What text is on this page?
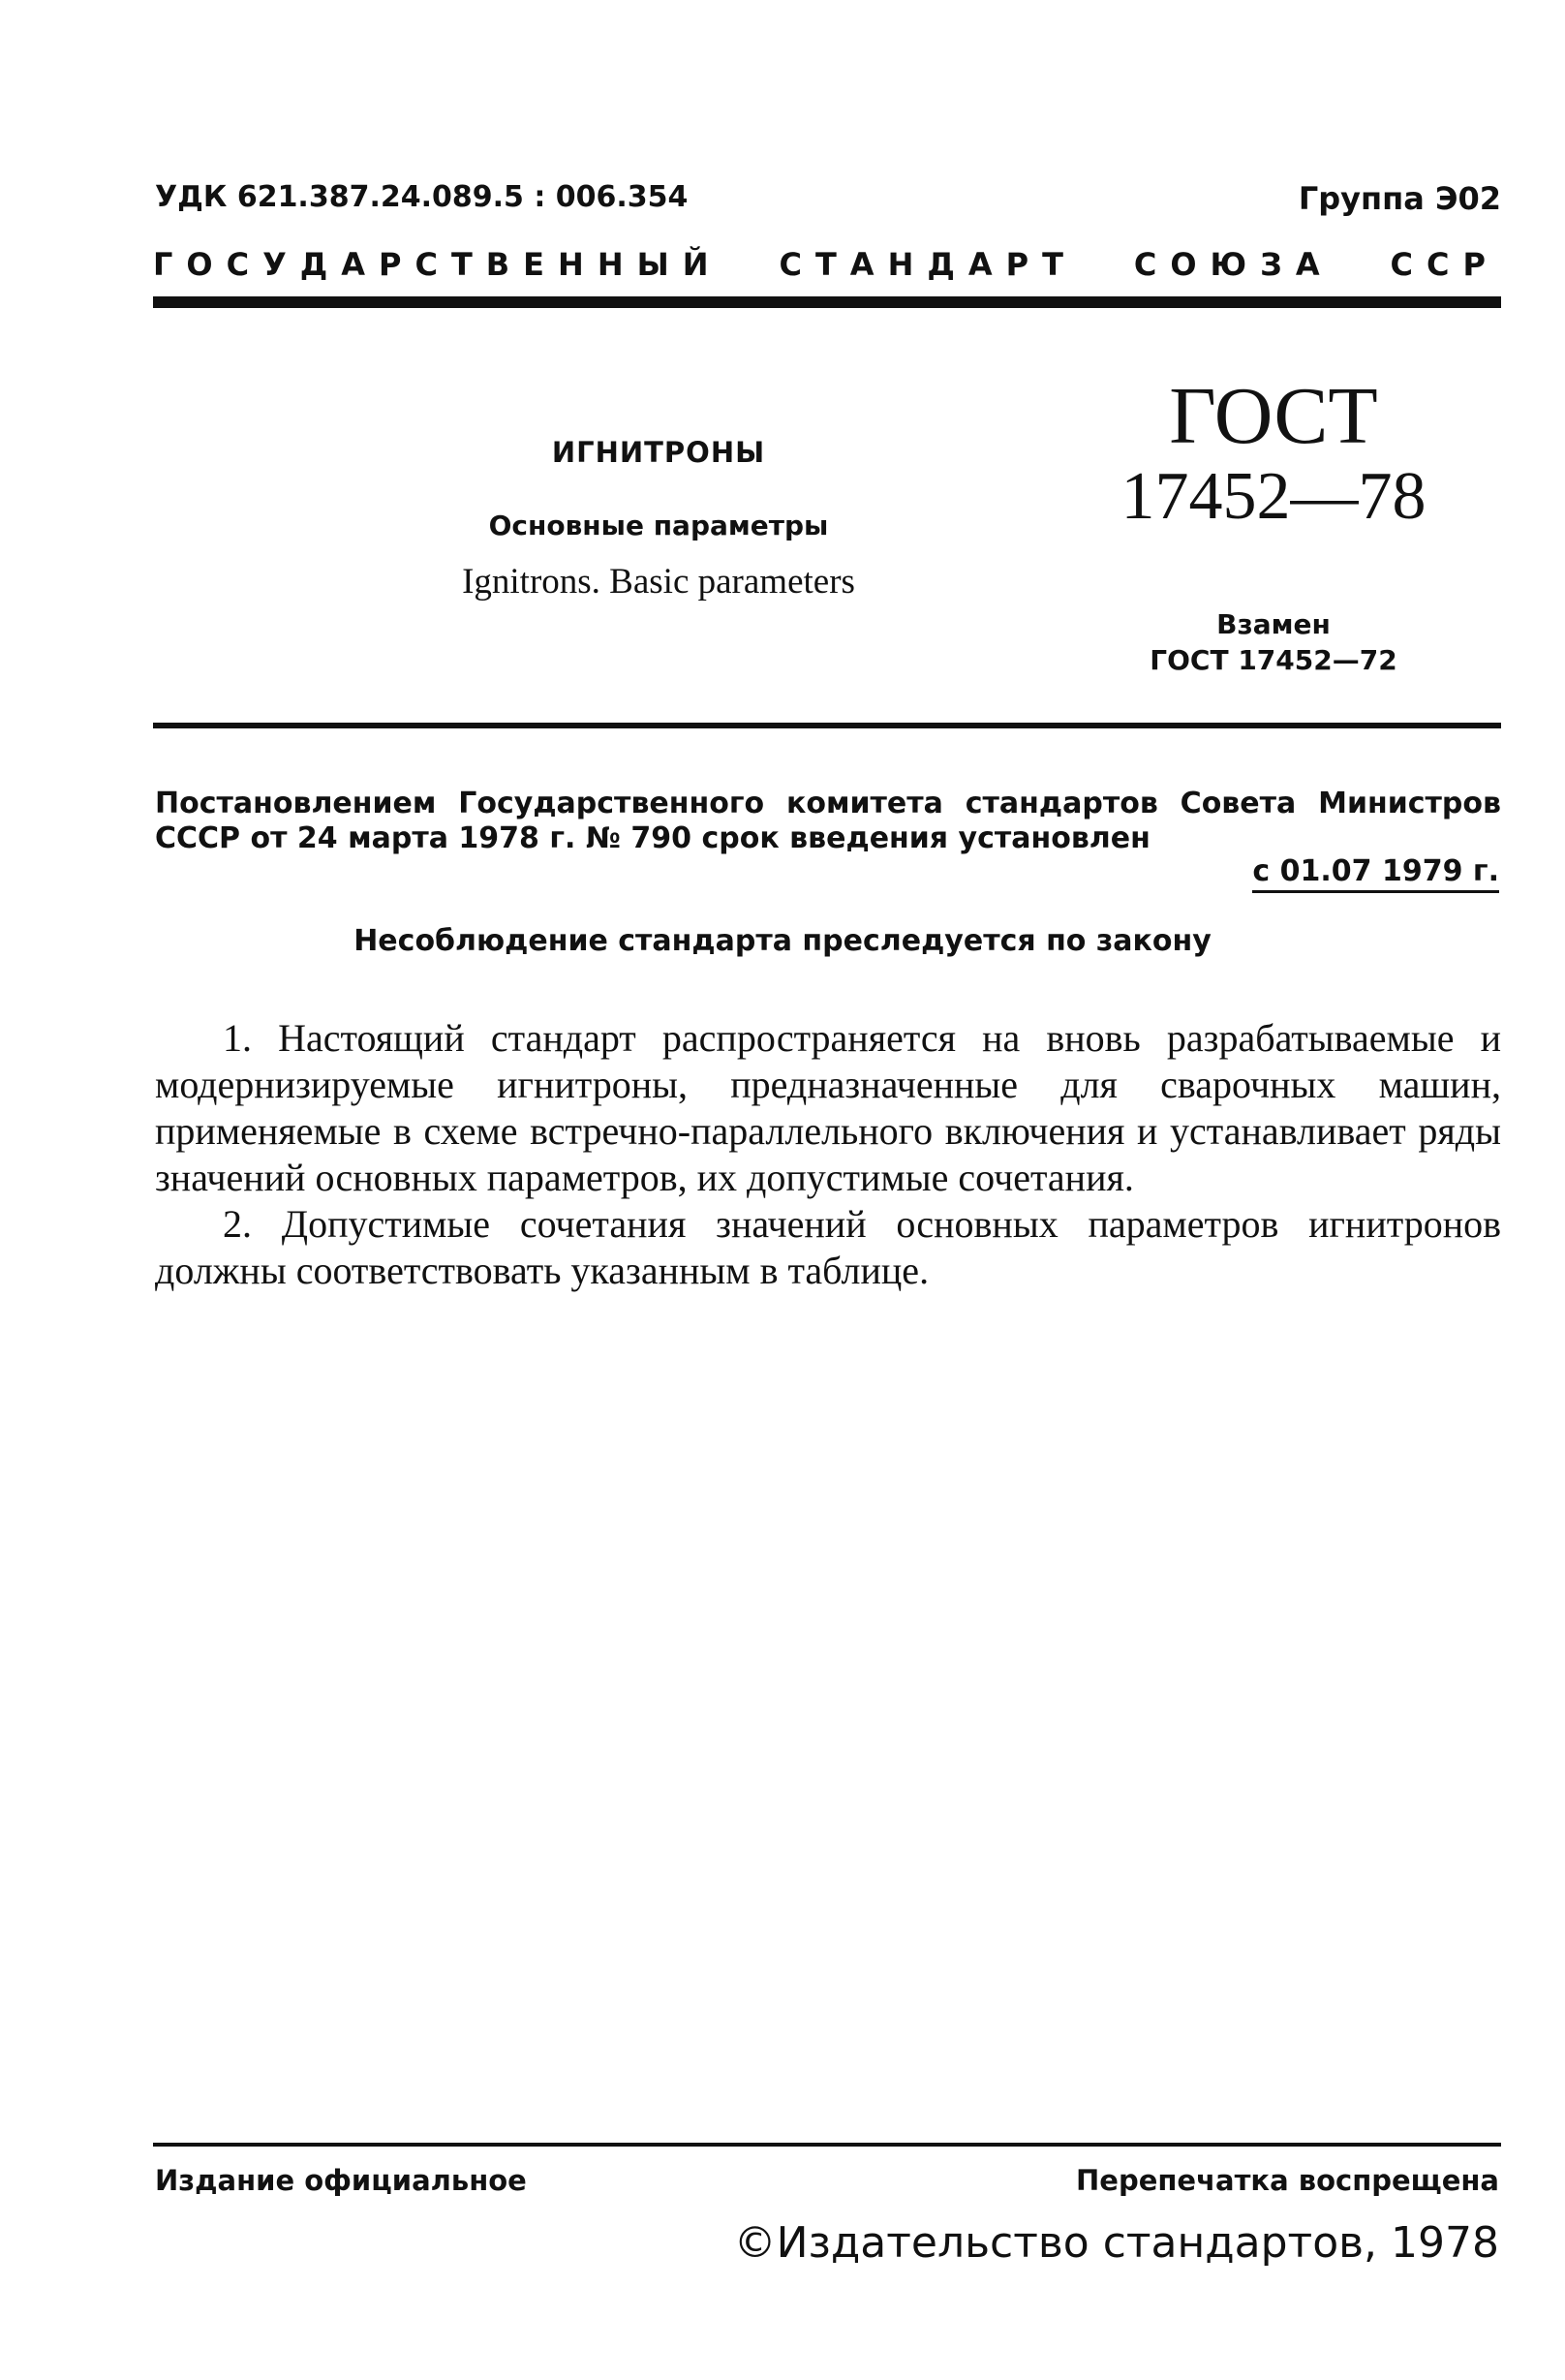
УДК 621.387.24.089.5 : 006.354	Группа Э02
ГОСУДАРСТВЕННЫЙ СТАНДАРТ СОЮЗА ССР
ИГНИТРОНЫ
Основные параметры
Ignitrons. Basic parameters
ГОСТ
17452—78
Взамен
ГОСТ 17452—72
Постановлением Государственного комитета стандартов Совета Министров СССР от 24 марта 1978 г. № 790 срок введения установлен
с 01.07 1979 г.
Несоблюдение стандарта преследуется по закону

1. Настоящий стандарт распространяется на вновь разрабатываемые и модернизируемые игнитроны, предназначенные для сварочных машин, применяемые в схеме встречно-параллельного включения и устанавливает ряды значений основных параметров, их допустимые сочетания.

2. Допустимые сочетания значений основных параметров игнитронов должны соответствовать указанным в таблице.

Издание официальное	Перепечатка воспрещена
©Издательство стандартов, 1978
